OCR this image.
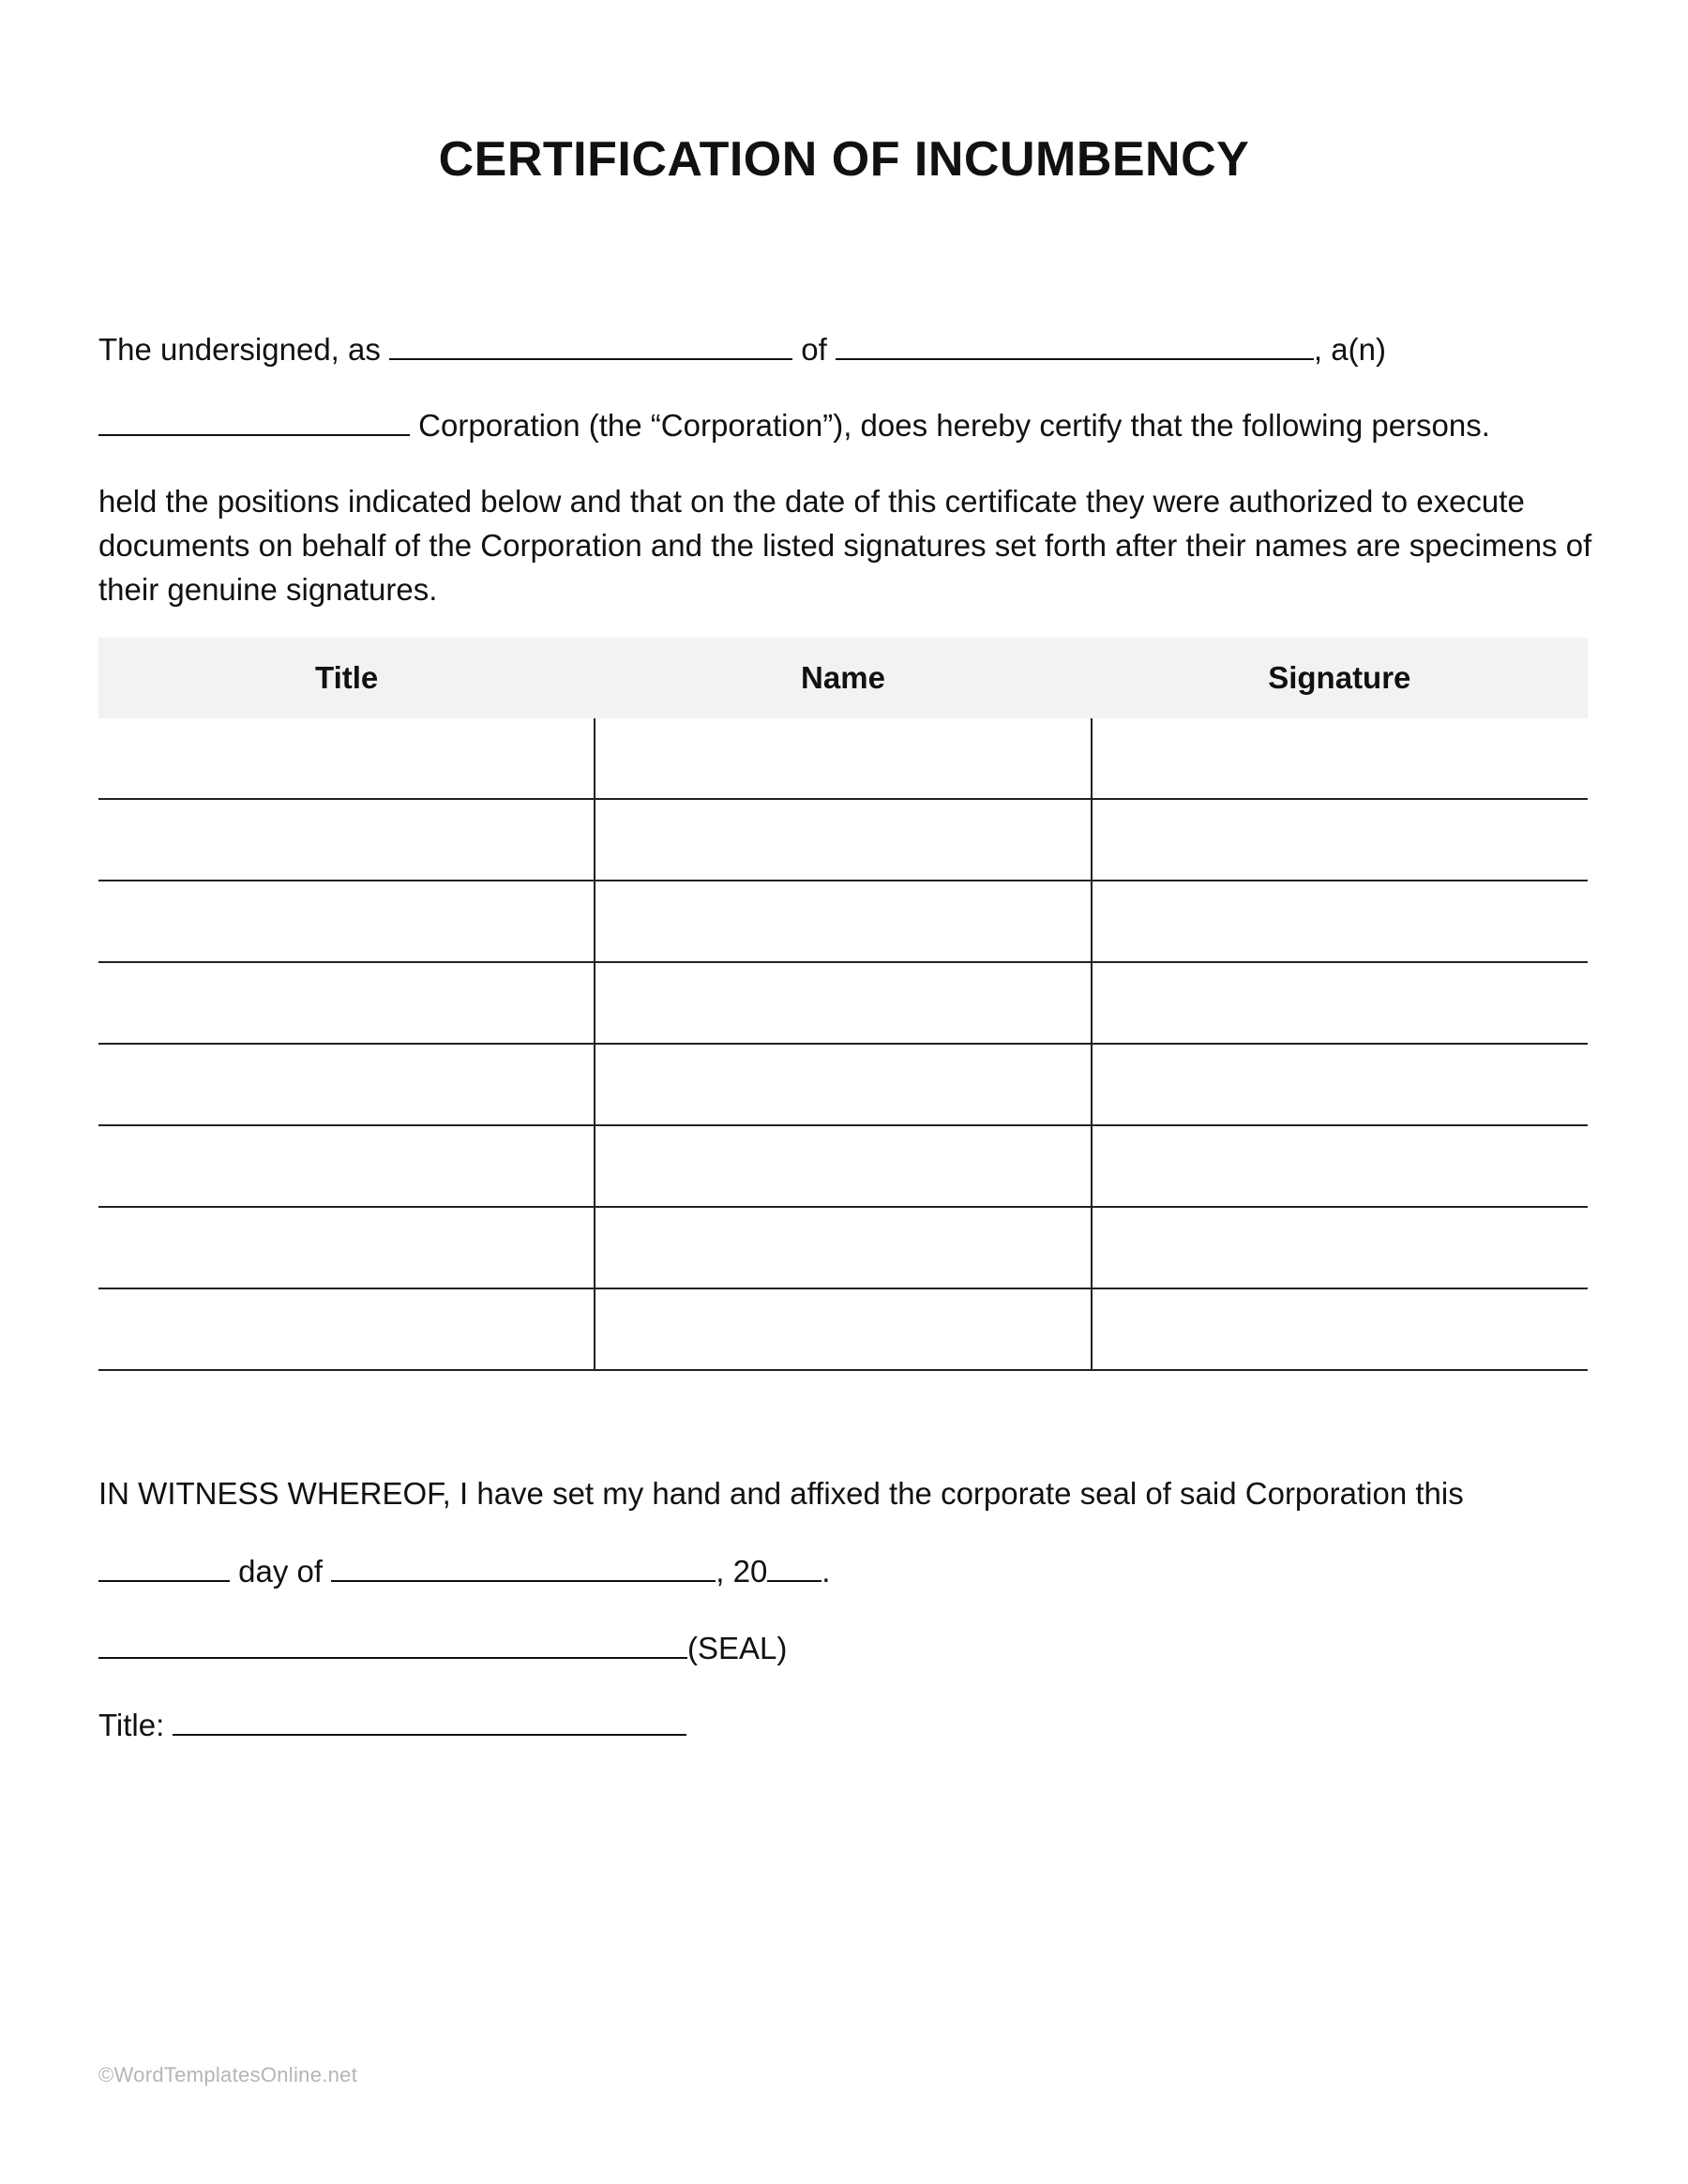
CERTIFICATION OF INCUMBENCY
The undersigned, as	of	, a(n)
Corporation (the “Corporation”), does hereby certify that the following persons.
held the positions indicated below and that on the date of this certificate they were authorized to execute documents on behalf of the Corporation and the listed signatures set forth after their names are specimens of their genuine signatures.
Title	Name	Signature

IN WITNESS WHEREOF, I have set my hand and affixed the corporate seal of said Corporation this
day of	, 20 .
(SEAL)
Title:
©WordTemplatesOnline.net
